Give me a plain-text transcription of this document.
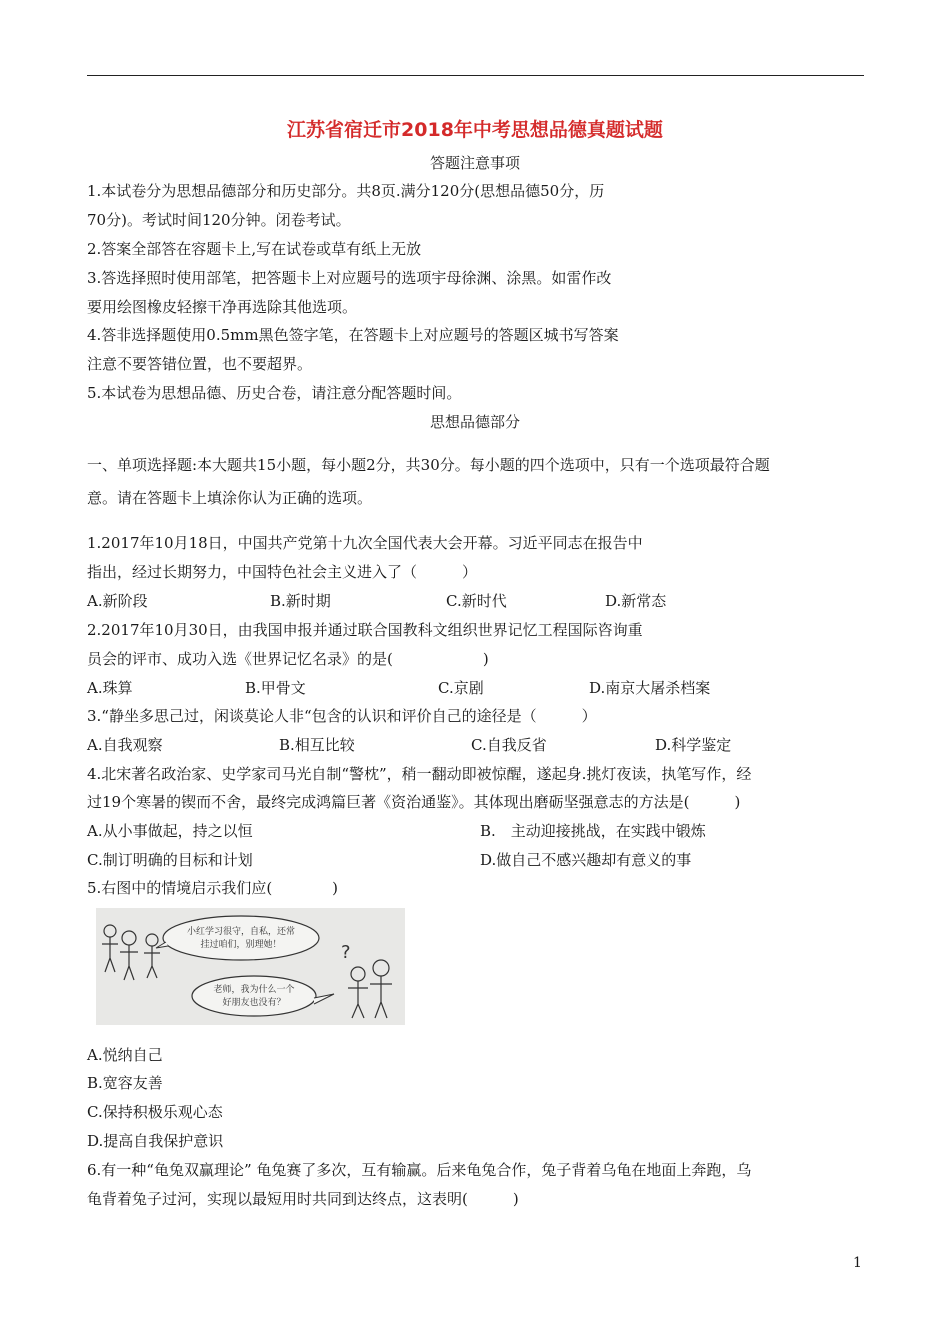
江苏省宿迁市2018年中考思想品德真题试题
答题注意事项
1.本试卷分为思想品德部分和历史部分。共8页.满分120分(思想品德50分，历
70分)。考试时间120分钟。闭卷考试。
2.答案全部答在容题卡上,写在试卷或草有纸上无放
3.答选择照时使用部笔，把答题卡上对应题号的选项宇母徐渊、涂黑。如雷作改
要用绘图橡皮轻擦干净再选除其他选项。
4.答非选择题使用0.5mm黑色签字笔，在答题卡上对应题号的答题区城书写答案
注意不要答错位置，也不要超界。
5.本试卷为思想品德、历史合卷，请注意分配答题时间。
思想品德部分
一、单项选择题:本大题共15小题，每小题2分，共30分。每小题的四个选项中，只有一个选项最符合题
意。请在答题卡上填涂你认为正确的选项。
1.2017年10月18日，中国共产党第十九次全国代表大会开幕。习近平同志在报告中
指出，经过长期努力，中国特色社会主义进入了（　　　）
A.新阶段	B.新时期	C.新时代	D.新常态
2.2017年10月30日，由我国申报并通过联合国教科文组织世界记忆工程国际咨询重
员会的评市、成功入选《世界记忆名录》的是(　　　　　　)
A.珠算	B.甲骨文	C.京剧	D.南京大屠杀档案
3.“静坐多思己过，闲谈莫论人非“包含的认识和评价自己的途径是（　　　）
A.自我观察	B.相互比较	C.自我反省	D.科学鉴定
4.北宋著名政治家、史学家司马光自制“警枕”，稍一翻动即被惊醒，遂起身.挑灯夜读，执笔写作，经
过19个寒暑的锲而不舍，最终完成鸿篇巨著《资治通鉴》。其体现出磨砺坚强意志的方法是(　　　)
A.从小事做起，持之以恒	B.　主动迎接挑战，在实践中锻炼
C.制订明确的目标和计划	D.做自己不感兴趣却有意义的事
5.右图中的情境启示我们应(　　　　)
小红学习很守，自私，还常
挂过咱们，别理她！	?
老师，我为什么一个
好朋友也没有？
A.悦纳自己
B.宽容友善
C.保持积极乐观心态
D.提高自我保护意识
6.有一种“龟兔双赢理论” 龟兔赛了多次，互有输赢。后来龟兔合作，兔子背着乌龟在地面上奔跑，乌
龟背着兔子过河，实现以最短用时共同到达终点，这表明(　　　)
1
